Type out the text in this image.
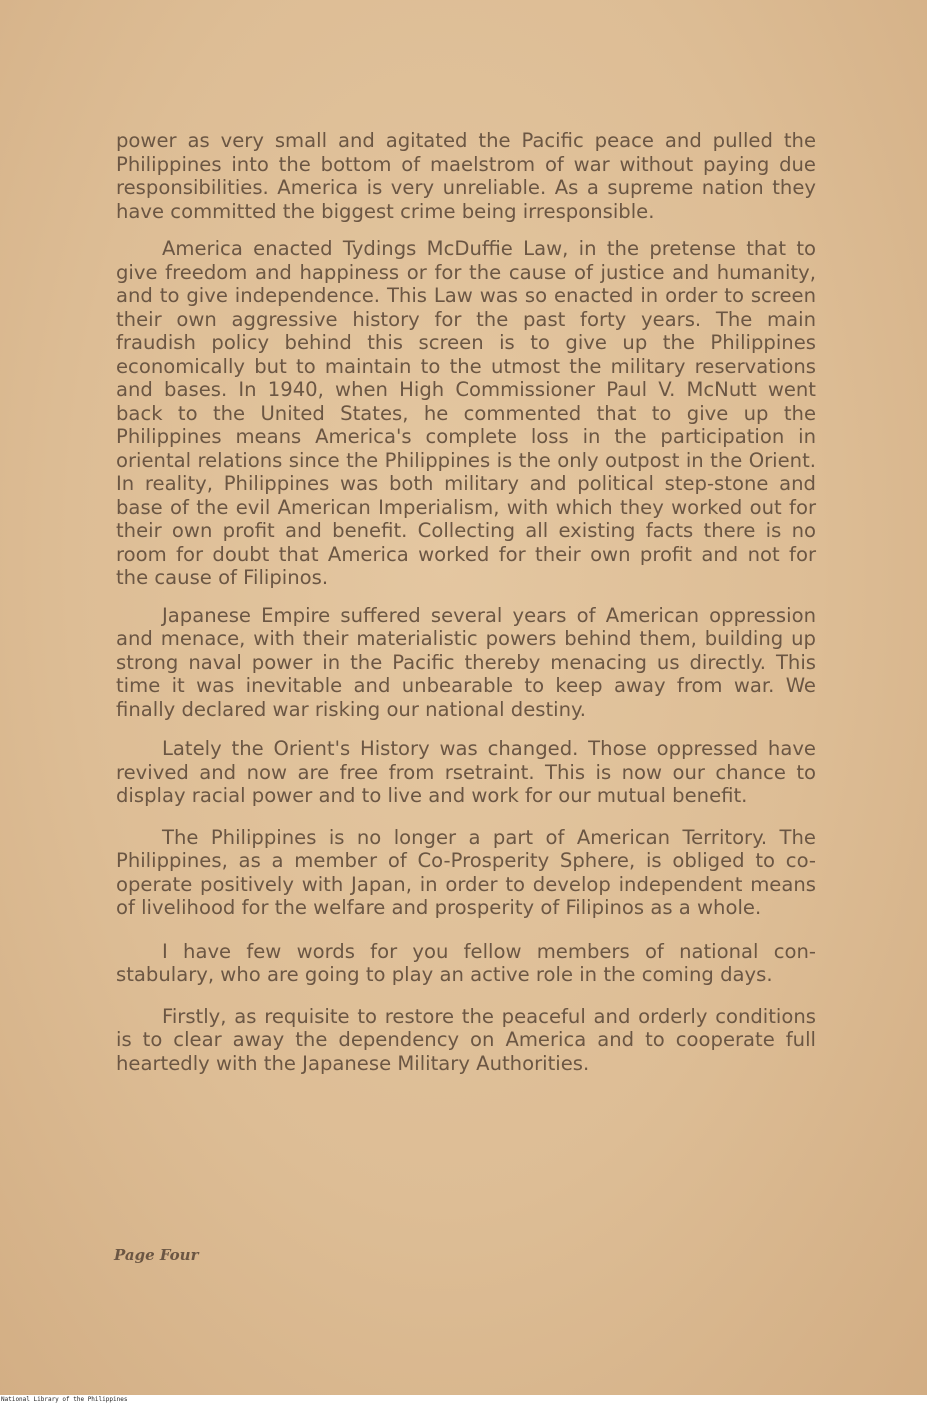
power as very small and agitated the Pacific peace and pulled the Philippines into the bottom of maelstrom of war without paying due responsibilities. America is very unreliable. As a supreme nation they have committed the biggest crime being irresponsible.

America enacted Tydings McDuffie Law, in the pretense that to give freedom and happiness or for the cause of justice and humanity, and to give independence. This Law was so enacted in order to screen their own aggressive history for the past forty years. The main fraudish policy behind this screen is to give up the Philippines economically but to maintain to the utmost the military reservations and bases. In 1940, when High Commissioner Paul V. McNutt went back to the United States, he commented that to give up the Philippines means America's complete loss in the participation in oriental relations since the Philippines is the only outpost in the Orient. In reality, Philippines was both military and political step-stone and base of the evil American Imperialism, with which they worked out for their own profit and benefit. Collecting all existing facts there is no room for doubt that America worked for their own profit and not for the cause of Filipinos.

Japanese Empire suffered several years of American oppression and menace, with their materialistic powers behind them, building up strong naval power in the Pacific thereby menacing us directly. This time it was inevitable and unbearable to keep away from war. We finally declared war risking our national destiny.

Lately the Orient's History was changed. Those oppressed have revived and now are free from rsetraint. This is now our chance to display racial power and to live and work for our mutual benefit.

The Philippines is no longer a part of American Territory. The Philippines, as a member of Co-Prosperity Sphere, is obliged to co-operate positively with Japan, in order to develop independent means of livelihood for the welfare and prosperity of Filipinos as a whole.

I have few words for you fellow members of national constabulary, who are going to play an active role in the coming days.

Firstly, as requisite to restore the peaceful and orderly conditions is to clear away the dependency on America and to cooperate full heartedly with the Japanese Military Authorities.

Page Four
National Library of the Philippines
